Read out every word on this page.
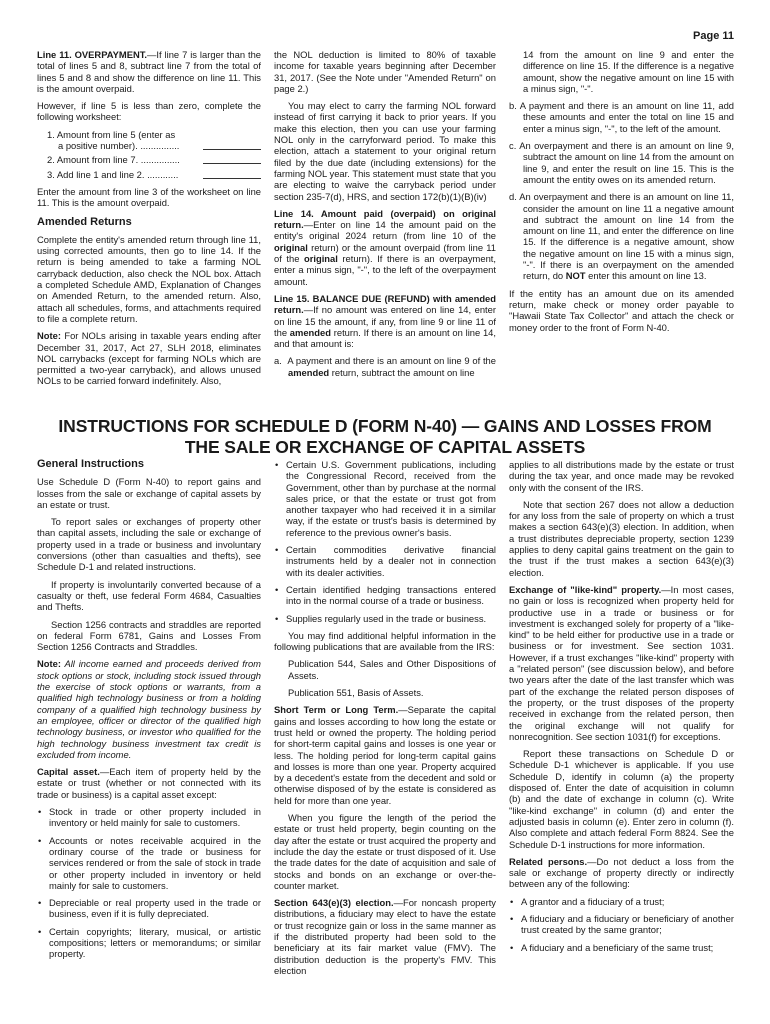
Page 11

Line 11. OVERPAYMENT.—If line 7 is larger than the total of lines 5 and 8, subtract line 7 from the total of lines 5 and 8 and show the difference on line 11. This is the amount overpaid.

However, if line 5 is less than zero, complete the following worksheet:

1. Amount from line 5 (enter as
a positive number). ...............
2. Amount from line 7. ...............
3. Add line 1 and line 2. ............

Enter the amount from line 3 of the worksheet on line 11. This is the amount overpaid.

Amended Returns

Complete the entity's amended return through line 11, using corrected amounts, then go to line 14. If the return is being amended to take a farming NOL carryback deduction, also check the NOL box. Attach a completed Schedule AMD, Explanation of Changes on Amended Return, to the amended return. Also, attach all schedules, forms, and attachments required to file a complete return.

Note: For NOLs arising in taxable years ending after December 31, 2017, Act 27, SLH 2018, eliminates NOL carrybacks (except for farming NOLs which are permitted a two-year carryback), and allows unused NOLs to be carried forward indefinitely. Also,

the NOL deduction is limited to 80% of taxable income for taxable years beginning after December 31, 2017. (See the Note under "Amended Return" on page 2.)

You may elect to carry the farming NOL forward instead of first carrying it back to prior years. If you make this election, then you can use your farming NOL only in the carryforward period. To make this election, attach a statement to your original return filed by the due date (including extensions) for the farming NOL year. This statement must state that you are electing to waive the carryback period under section 235-7(d), HRS, and section 172(b)(1)(B)(iv)

Line 14. Amount paid (overpaid) on original return.—Enter on line 14 the amount paid on the entity's original 2024 return (from line 10 of the original return) or the amount overpaid (from line 11 of the original return). If there is an overpayment, enter a minus sign, "-", to the left of the overpayment amount.

Line 15. BALANCE DUE (REFUND) with amended return.—If no amount was entered on line 14, enter on line 15 the amount, if any, from line 9 or line 11 of the amended return. If there is an amount on line 14, and that amount is:

a. A payment and there is an amount on line 9 of the amended return, subtract the amount on line

14 from the amount on line 9 and enter the difference on line 15. If the difference is a negative amount, show the negative amount on line 15 with a minus sign, "-".

b. A payment and there is an amount on line 11, add these amounts and enter the total on line 15 and enter a minus sign, "-", to the left of the amount.

c. An overpayment and there is an amount on line 9, subtract the amount on line 14 from the amount on line 9, and enter the result on line 15. This is the amount the entity owes on its amended return.

d. An overpayment and there is an amount on line 11, consider the amount on line 11 a negative amount and subtract the amount on line 14 from the amount on line 11, and enter the difference on line 15. If the difference is a negative amount, show the negative amount on line 15 with a minus sign, "-". If there is an overpayment on the amended return, do NOT enter this amount on line 13.

If the entity has an amount due on its amended return, make check or money order payable to "Hawaii State Tax Collector" and attach the check or money order to the front of Form N-40.

INSTRUCTIONS FOR SCHEDULE D (FORM N-40) — GAINS AND LOSSES FROM
THE SALE OR EXCHANGE OF CAPITAL ASSETS
General Instructions

Use Schedule D (Form N-40) to report gains and losses from the sale or exchange of capital assets by an estate or trust.

To report sales or exchanges of property other than capital assets, including the sale or exchange of property used in a trade or business and involuntary conversions (other than casualties and thefts), see Schedule D-1 and related instructions.

If property is involuntarily converted because of a casualty or theft, use federal Form 4684, Casualties and Thefts.

Section 1256 contracts and straddles are reported on federal Form 6781, Gains and Losses From Section 1256 Contracts and Straddles.

Note: All income earned and proceeds derived from stock options or stock, including stock issued through the exercise of stock options or warrants, from a qualified high technology business or from a holding company of a qualified high technology business by an employee, officer or director of the qualified high technology business, or investor who qualified for the high technology business investment tax credit is excluded from income.

Capital asset.—Each item of property held by the estate or trust (whether or not connected with its trade or business) is a capital asset except:

• Stock in trade or other property included in inventory or held mainly for sale to customers.

• Accounts or notes receivable acquired in the ordinary course of the trade or business for services rendered or from the sale of stock in trade or other property included in inventory or held mainly for sale to customers.

• Depreciable or real property used in the trade or business, even if it is fully depreciated.

• Certain copyrights; literary, musical, or artistic compositions; letters or memorandums; or similar property.

• Certain U.S. Government publications, including the Congressional Record, received from the Government, other than by purchase at the normal sales price, or that the estate or trust got from another taxpayer who had received it in a similar way, if the estate or trust's basis is determined by reference to the previous owner's basis.

• Certain commodities derivative financial instruments held by a dealer not in connection with its dealer activities.

• Certain identified hedging transactions entered into in the normal course of a trade or business.

• Supplies regularly used in the trade or business.

You may find additional helpful information in the following publications that are available from the IRS:

Publication 544, Sales and Other Dispositions of Assets.

Publication 551, Basis of Assets.

Short Term or Long Term.—Separate the capital gains and losses according to how long the estate or trust held or owned the property. The holding period for short-term capital gains and losses is one year or less. The holding period for long-term capital gains and losses is more than one year. Property acquired by a decedent's estate from the decedent and sold or otherwise disposed of by the estate is considered as held for more than one year.

When you figure the length of the period the estate or trust held property, begin counting on the day after the estate or trust acquired the property and include the day the estate or trust disposed of it. Use the trade dates for the date of acquisition and sale of stocks and bonds on an exchange or over-the-counter market.

Section 643(e)(3) election.—For noncash property distributions, a fiduciary may elect to have the estate or trust recognize gain or loss in the same manner as if the distributed property had been sold to the beneficiary at its fair market value (FMV). The distribution deduction is the property's FMV. This election

applies to all distributions made by the estate or trust during the tax year, and once made may be revoked only with the consent of the IRS.

Note that section 267 does not allow a deduction for any loss from the sale of property on which a trust makes a section 643(e)(3) election. In addition, when a trust distributes depreciable property, section 1239 applies to deny capital gains treatment on the gain to the trust if the trust makes a section 643(e)(3) election.

Exchange of "like-kind" property.—In most cases, no gain or loss is recognized when property held for productive use in a trade or business or for investment is exchanged solely for property of a "like-kind" to be held either for productive use in a trade or business or for investment. See section 1031. However, if a trust exchanges "like-kind" property with a "related person" (see discussion below), and before two years after the date of the last transfer which was part of the exchange the related person disposes of the property, or the trust disposes of the property received in exchange from the related person, then the original exchange will not qualify for nonrecognition. See section 1031(f) for exceptions.

Report these transactions on Schedule D or Schedule D-1 whichever is applicable. If you use Schedule D, identify in column (a) the property disposed of. Enter the date of acquisition in column (b) and the date of exchange in column (c). Write "like-kind exchange" in column (d) and enter the adjusted basis in column (e). Enter zero in column (f). Also complete and attach federal Form 8824. See the Schedule D-1 instructions for more information.

Related persons.—Do not deduct a loss from the sale or exchange of property directly or indirectly between any of the following:

• A grantor and a fiduciary of a trust;

• A fiduciary and a fiduciary or beneficiary of another trust created by the same grantor;

• A fiduciary and a beneficiary of the same trust;
